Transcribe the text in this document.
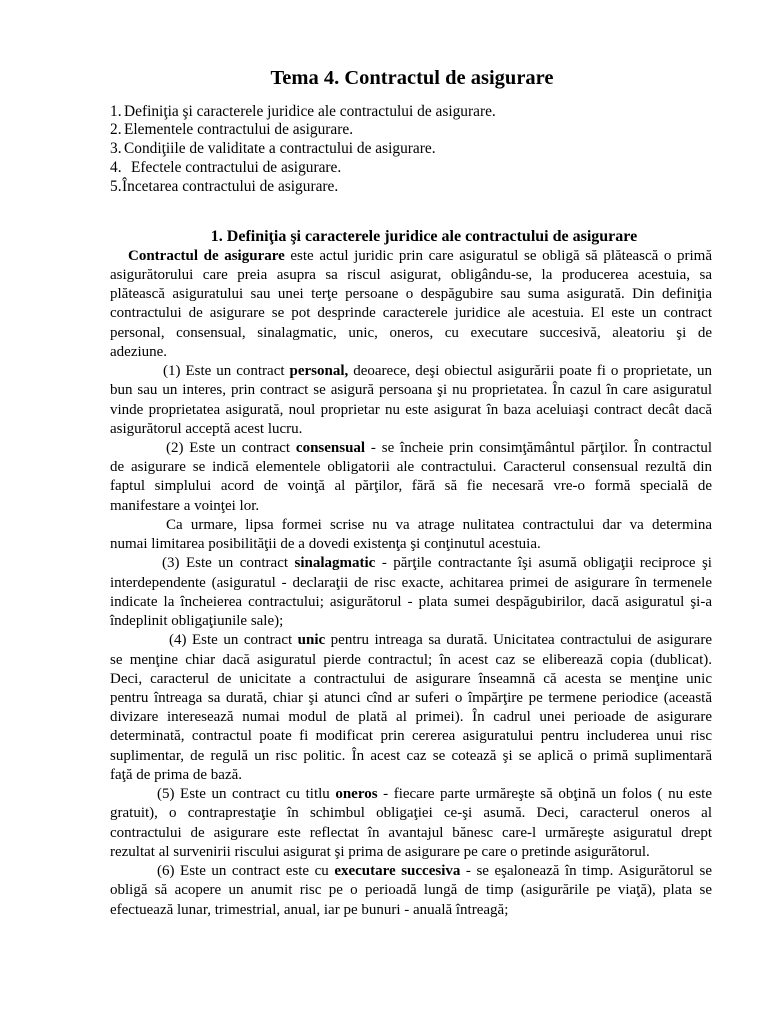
Tema 4. Contractul de asigurare
1. Definiţia şi caracterele juridice ale contractului de asigurare.
2. Elementele contractului de asigurare.
3. Condiţiile de validitate a contractului de asigurare.
4. Efectele contractului de asigurare.
5.Încetarea contractului de asigurare.
1. Definiţia şi caracterele juridice ale contractului de asigurare
Contractul de asigurare este actul juridic prin care asiguratul se obligă să plătească o primă
asigurătorului care preia asupra sa riscul asigurat, obligându-se, la producerea acestuia, sa
plătească asiguratului sau unei terţe persoane o despăgubire sau suma asigurată. Din definiţia
contractului de asigurare se pot desprinde caracterele juridice ale acestuia. El este un contract
personal, consensual, sinalagmatic, unic, oneros, cu executare succesivă, aleatoriu şi de
adeziune.
(1) Este un contract personal, deoarece, deşi obiectul asigurării poate fi o proprietate, un
bun sau un interes, prin contract se asigură persoana şi nu proprietatea. În cazul în care asiguratul
vinde proprietatea asigurată, noul proprietar nu este asigurat în baza aceluiaşi contract decât dacă
asigurătorul acceptă acest lucru.
(2) Este un contract consensual - se încheie prin consimţământul părţilor. În contractul
de asigurare se indică elementele obligatorii ale contractului. Caracterul consensual rezultă din
faptul simplului acord de voinţă al părţilor, fără să fie necesară vre-o formă specială de
manifestare a voinţei lor.
Ca urmare, lipsa formei scrise nu va atrage nulitatea contractului dar va determina
numai limitarea posibilităţii de a dovedi existenţa şi conţinutul acestuia.
(3) Este un contract sinalagmatic - părţile contractante îşi asumă obligaţii reciproce şi
interdependente (asiguratul - declaraţii de risc exacte, achitarea primei de asigurare în termenele
indicate la încheierea contractului; asigurătorul - plata sumei despăgubirilor, dacă asiguratul şi-a
îndeplinit obligaţiunile sale);
(4) Este un contract unic pentru intreaga sa durată. Unicitatea contractului de asigurare
se menţine chiar dacă asiguratul pierde contractul; în acest caz se eliberează copia (dublicat).
Deci, caracterul de unicitate a contractului de asigurare înseamnă că acesta se menţine unic
pentru întreaga sa durată, chiar şi atunci cînd ar suferi o împărţire pe termene periodice (această
divizare interesează numai modul de plată al primei). În cadrul unei perioade de asigurare
determinată, contractul poate fi modificat prin cererea asiguratului pentru includerea unui risc
suplimentar, de regulă un risc politic. În acest caz se cotează şi se aplică o primă suplimentară
faţă de prima de bază.
(5) Este un contract cu titlu oneros - fiecare parte urmăreşte să obţină un folos ( nu este
gratuit), o contraprestaţie în schimbul obligaţiei ce-şi asumă. Deci, caracterul oneros al
contractului de asigurare este reflectat în avantajul bănesc care-l urmăreşte asiguratul drept
rezultat al survenirii riscului asigurat şi prima de asigurare pe care o pretinde asigurătorul.
(6) Este un contract este cu executare succesiva - se eşalonează în timp. Asigurătorul se
obligă să acopere un anumit risc pe o perioadă lungă de timp (asigurările pe viaţă), plata se
efectuează lunar, trimestrial, anual, iar pe bunuri - anuală întreagă;
